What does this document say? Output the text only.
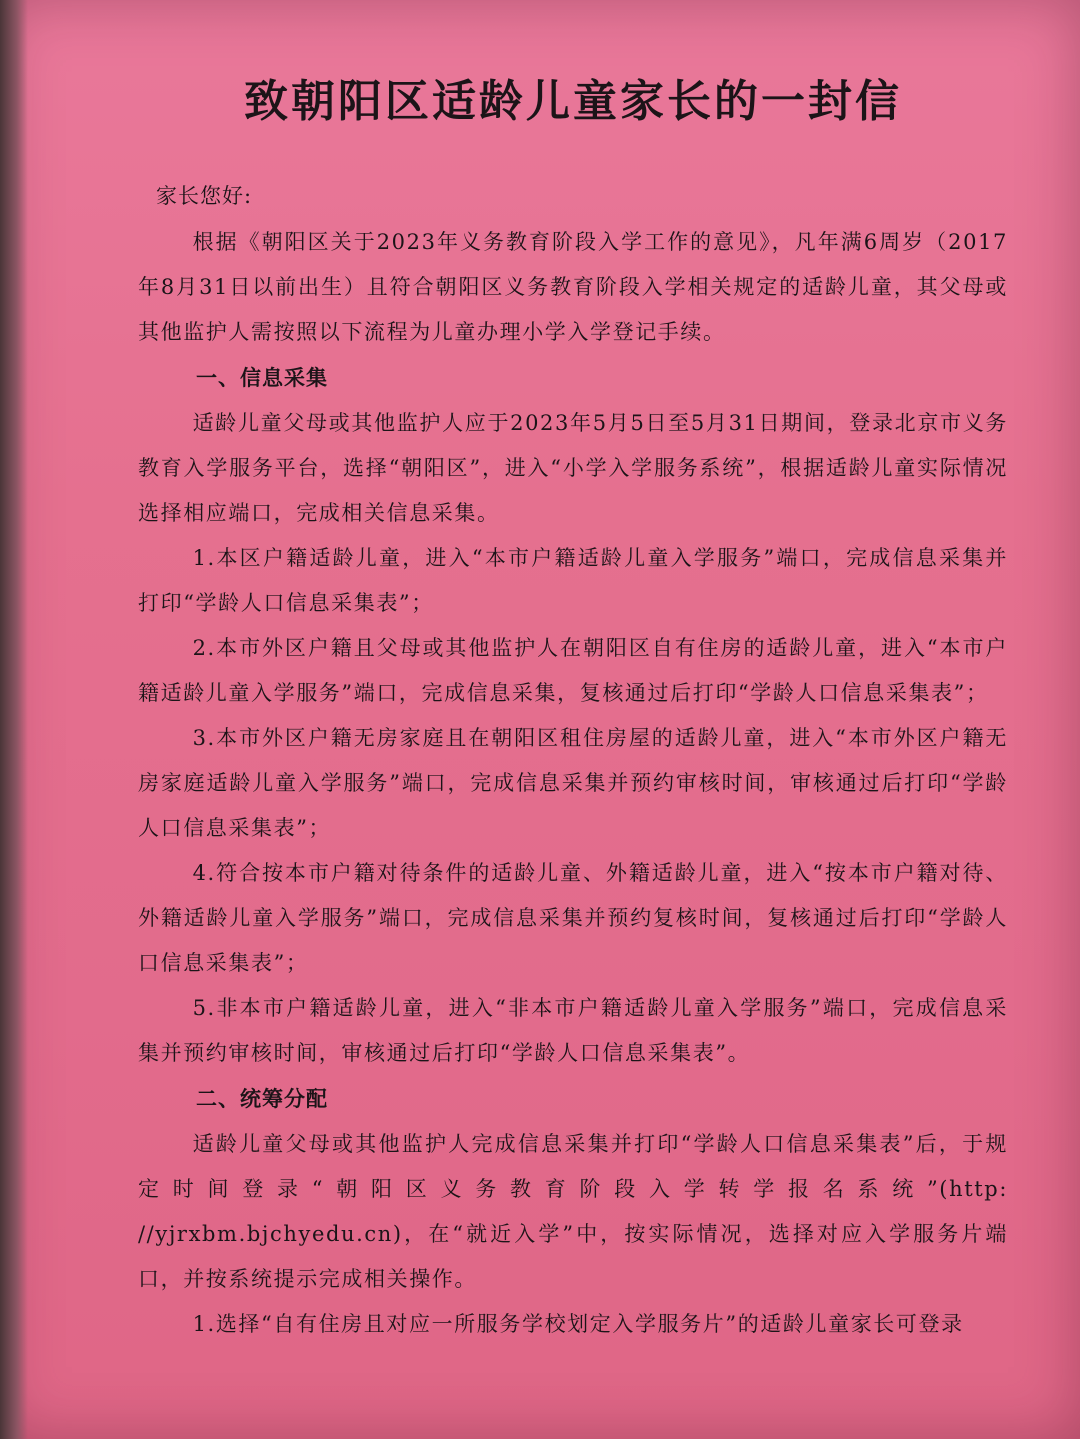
致朝阳区适龄儿童家长的一封信
家长您好:

根据《朝阳区关于2023年义务教育阶段入学工作的意见》，凡年满6周岁（2017年8月31日以前出生）且符合朝阳区义务教育阶段入学相关规定的适龄儿童，其父母或其他监护人需按照以下流程为儿童办理小学入学登记手续。

一、信息采集

适龄儿童父母或其他监护人应于2023年5月5日至5月31日期间，登录北京市义务教育入学服务平台，选择“朝阳区”，进入“小学入学服务系统”，根据适龄儿童实际情况选择相应端口，完成相关信息采集。

1.本区户籍适龄儿童，进入“本市户籍适龄儿童入学服务”端口，完成信息采集并打印“学龄人口信息采集表”；

2.本市外区户籍且父母或其他监护人在朝阳区自有住房的适龄儿童，进入“本市户籍适龄儿童入学服务”端口，完成信息采集，复核通过后打印“学龄人口信息采集表”；

3.本市外区户籍无房家庭且在朝阳区租住房屋的适龄儿童，进入“本市外区户籍无房家庭适龄儿童入学服务”端口，完成信息采集并预约审核时间，审核通过后打印“学龄人口信息采集表”；

4.符合按本市户籍对待条件的适龄儿童、外籍适龄儿童，进入“按本市户籍对待、外籍适龄儿童入学服务”端口，完成信息采集并预约复核时间，复核通过后打印“学龄人口信息采集表”；

5.非本市户籍适龄儿童，进入“非本市户籍适龄儿童入学服务”端口，完成信息采集并预约审核时间，审核通过后打印“学龄人口信息采集表”。

二、统筹分配

适龄儿童父母或其他监护人完成信息采集并打印“学龄人口信息采集表”后，于规定时间登录“朝阳区义务教育阶段入学转学报名系统”(http: //yjrxbm.bjchyedu.cn)，在“就近入学”中，按实际情况，选择对应入学服务片端口，并按系统提示完成相关操作。

1.选择“自有住房且对应一所服务学校划定入学服务片”的适龄儿童家长可登录
